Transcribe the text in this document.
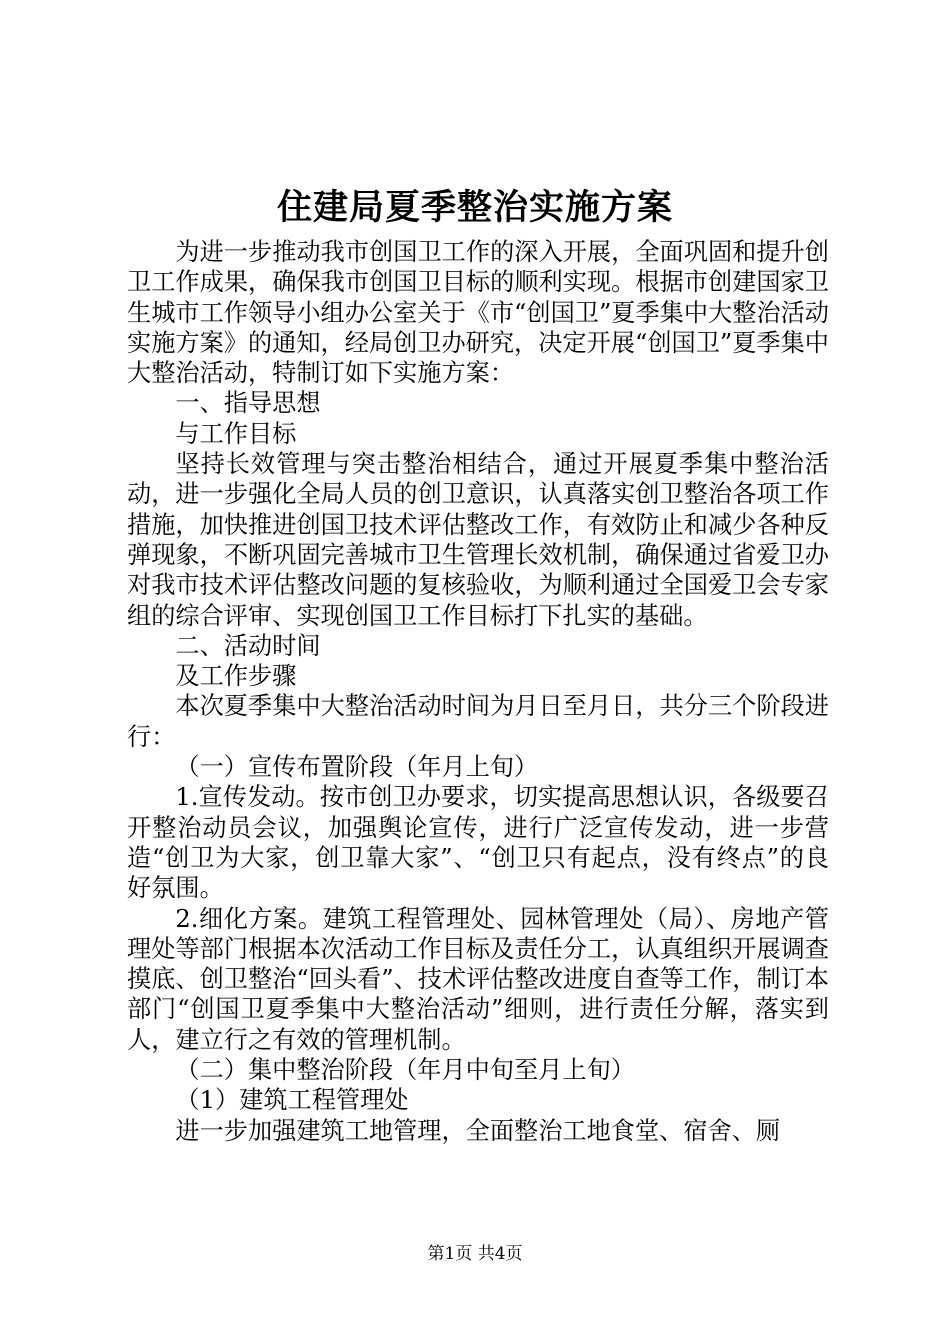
住建局夏季整治实施方案

为进一步推动我市创国卫工作的深入开展，全面巩固和提升创卫工作成果，确保我市创国卫目标的顺利实现。根据市创建国家卫生城市工作领导小组办公室关于《市“创国卫”夏季集中大整治活动实施方案》的通知，经局创卫办研究，决定开展“创国卫”夏季集中大整治活动，特制订如下实施方案：

一、指导思想

与工作目标

坚持长效管理与突击整治相结合，通过开展夏季集中整治活动，进一步强化全局人员的创卫意识，认真落实创卫整治各项工作措施，加快推进创国卫技术评估整改工作，有效防止和减少各种反弹现象，不断巩固完善城市卫生管理长效机制，确保通过省爱卫办对我市技术评估整改问题的复核验收，为顺利通过全国爱卫会专家组的综合评审、实现创国卫工作目标打下扎实的基础。

二、活动时间

及工作步骤

本次夏季集中大整治活动时间为月日至月日，共分三个阶段进行：

（一）宣传布置阶段（年月上旬）

1.宣传发动。按市创卫办要求，切实提高思想认识，各级要召开整治动员会议，加强舆论宣传，进行广泛宣传发动，进一步营造“创卫为大家，创卫靠大家”、“创卫只有起点，没有终点”的良好氛围。

2.细化方案。建筑工程管理处、园林管理处（局）、房地产管理处等部门根据本次活动工作目标及责任分工，认真组织开展调查摸底、创卫整治“回头看”、技术评估整改进度自查等工作，制订本部门“创国卫夏季集中大整治活动”细则，进行责任分解，落实到人，建立行之有效的管理机制。

（二）集中整治阶段（年月中旬至月上旬）

（1）建筑工程管理处

进一步加强建筑工地管理，全面整治工地食堂、宿舍、厕

第1页 共4页
